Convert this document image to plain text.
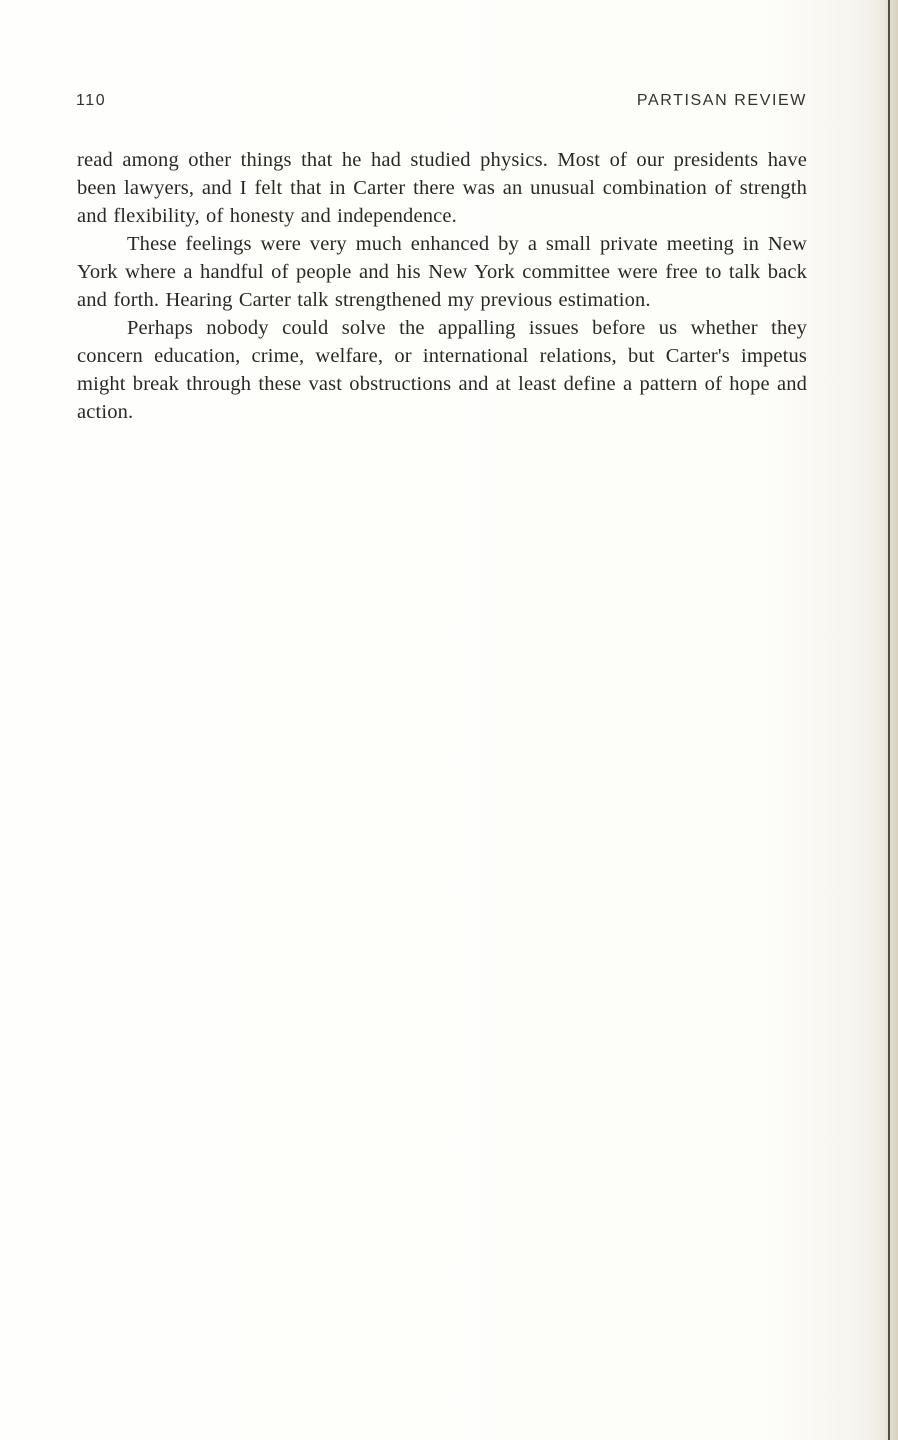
110	PARTISAN REVIEW

read among other things that he had studied physics. Most of our presidents have been lawyers, and I felt that in Carter there was an unusual combination of strength and flexibility, of honesty and independence.

These feelings were very much enhanced by a small private meeting in New York where a handful of people and his New York committee were free to talk back and forth. Hearing Carter talk strengthened my previous estimation.

Perhaps nobody could solve the appalling issues before us whether they concern education, crime, welfare, or international relations, but Carter's impetus might break through these vast obstructions and at least define a pattern of hope and action.
